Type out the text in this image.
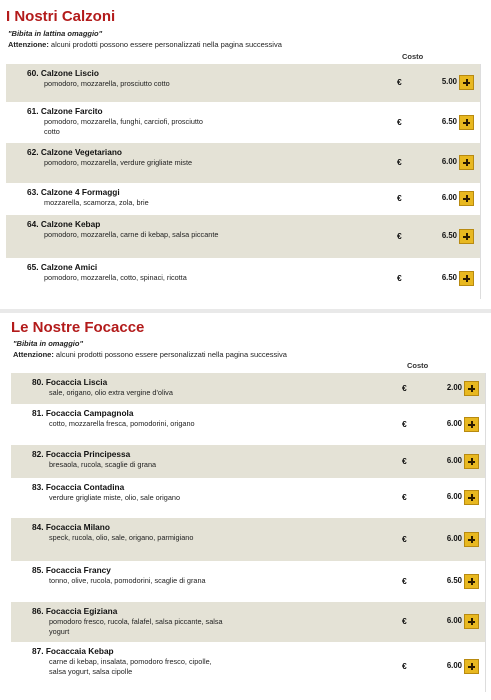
I Nostri Calzoni
"Bibita in lattina omaggio"
Attenzione: alcuni prodotti possono essere personalizzati nella pagina successiva
Costo
60. Calzone Liscio
pomodoro, mozzarella, prosciutto cotto	€	5.00
61. Calzone Farcito
pomodoro, mozzarella, funghi, carciofi, prosciutto cotto
€	6.50
62. Calzone Vegetariano
pomodoro, mozzarella, verdure grigliate miste	€	6.00
63. Calzone 4 Formaggi
mozzarella, scamorza, zola, brie	€	6.00
64. Calzone Kebap
pomodoro, mozzarella, carne di kebap, salsa piccante	€	6.50
65. Calzone Amici
pomodoro, mozzarella, cotto, spinaci, ricotta	€	6.50
Le Nostre Focacce
"Bibita in omaggio"
Attenzione: alcuni prodotti possono essere personalizzati nella pagina successiva
Costo
80. Focaccia Liscia
sale, origano, olio extra vergine d'oliva	€	2.00
81. Focaccia Campagnola
cotto, mozzarella fresca, pomodorini, origano	€	6.00
82. Focaccia Principessa
bresaola, rucola, scaglie di grana	€	6.00
83. Focaccia Contadina
verdure grigliate miste, olio, sale origano	€	6.00
84. Focaccia Milano
speck, rucola, olio, sale, origano, parmigiano	€	6.00
85. Focaccia Francy
tonno, olive, rucola, pomodorini, scaglie di grana	€	6.50
86. Focaccia Egiziana
pomodoro fresco, rucola, falafel, salsa piccante, salsa yogurt
€	6.00
87. Focaccaia Kebap
carne di kebap, insalata, pomodoro fresco, cipolle, salsa yogurt, salsa cipolle
€	6.00
